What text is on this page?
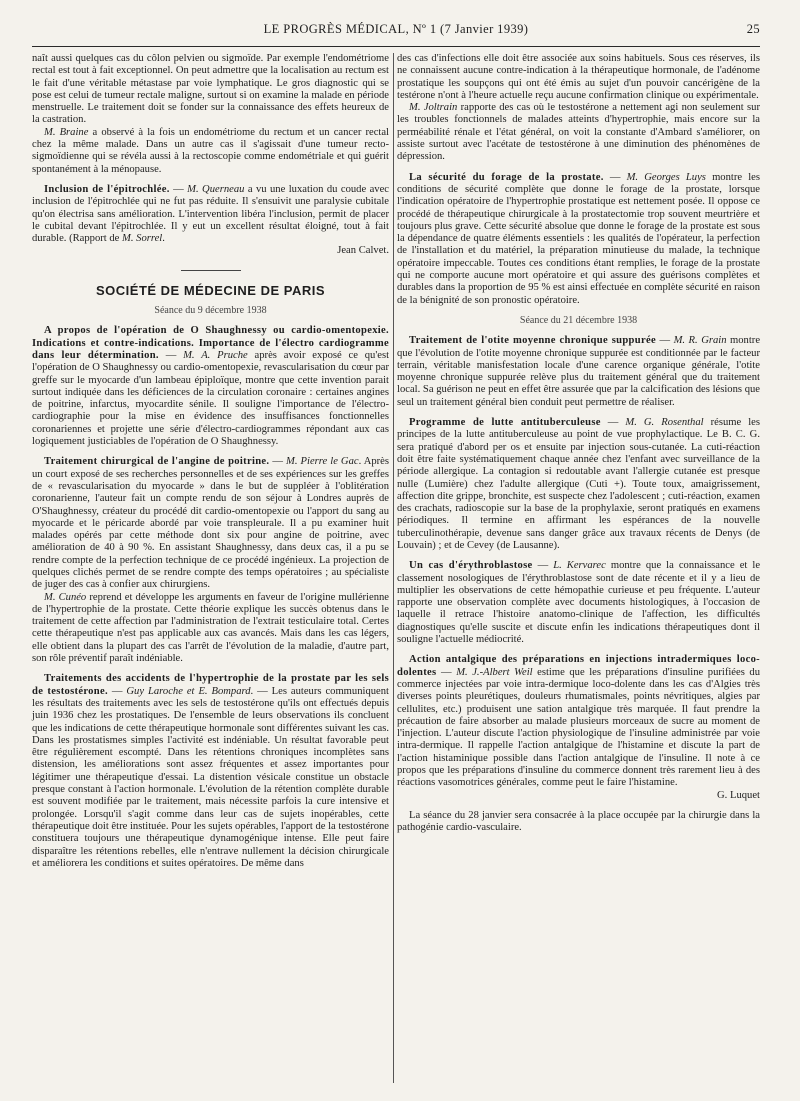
LE PROGRÈS MÉDICAL, Nº 1 (7 Janvier 1939)	25

naît aussi quelques cas du côlon pelvien ou sigmoïde. Par exemple l'endométriome rectal est tout à fait exceptionnel. On peut admettre que la localisation au rectum est le fait d'une véritable métastase par voie lymphatique. Le gros diagnostic qui se pose est celui de tumeur rectale maligne, surtout si on examine la malade en période menstruelle. Le traitement doit se fonder sur la connaissance des effets heureux de la castration.

M. Braine a observé à la fois un endométriome du rectum et un cancer rectal chez la même malade. Dans un autre cas il s'agissait d'une tumeur recto-sigmoïdienne qui se révéla aussi à la rectoscopie comme endométriale et qui guérit spontanément à la ménopause.

Inclusion de l'épitrochlée. — M. Querneau a vu une luxation du coude avec inclusion de l'épitrochlée qui ne fut pas réduite. Il s'ensuivit une paralysie cubitale qu'on électrisa sans amélioration. L'intervention libéra l'inclusion, permit de placer le cubital devant l'épitrochlée. Il y eut un excellent résultat éloigné, tout à fait durable. (Rapport de M. Sorrel.

Jean Calvet.

SOCIÉTÉ DE MÉDECINE DE PARIS
Séance du 9 décembre 1938

A propos de l'opération de O Shaughnessy ou cardio-omentopexie. Indications et contre-indications. Importance de l'électro cardiogramme dans leur détermination. — M. A. Pruche après avoir exposé ce qu'est l'opération de O Shaughnessy ou cardio-omentopexie, revascularisation du cœur par greffe sur le myocarde d'un lambeau épiploïque, montre que cette invention parait surtout indiquée dans les déficiences de la circulation coronaire : certaines angines de poitrine, infarctus, myocardite sénile. Il souligne l'importance de l'électro-cardiographie pour la mise en évidence des insuffisances fonctionnelles coronariennes et projette une série d'électro-cardiogrammes répondant aux cas logiquement justiciables de l'opération de O Shaughnessy.

Traitement chirurgical de l'angine de poitrine. — M. Pierre le Gac. Après un court exposé de ses recherches personnelles et de ses expériences sur les greffes de « revascularisation du myocarde » dans le but de suppléer à l'oblitération coronarienne, l'auteur fait un compte rendu de son séjour à Londres auprès de O'Shaughnessy, créateur du procédé dit cardio-omentopexie ou l'apport du sang au myocarde et le péricarde abordé par voie transpleurale. Il a pu examiner huit malades opérés par cette méthode dont six pour angine de poitrine, avec amélioration de 40 à 90 %. En assistant Shaughnessy, dans deux cas, il a pu se rendre compte de la perfection technique de ce procédé ingénieux. La projection de quelques clichés permet de se rendre compte des temps opératoires ; au spécialiste de juger des cas à confier aux chirurgiens.

M. Cunéo reprend et développe les arguments en faveur de l'origine mullérienne de l'hypertrophie de la prostate. Cette théorie explique les succès obtenus dans le traitement de cette affection par l'administration de l'extrait testiculaire total. Certes cette thérapeutique n'est pas applicable aux cas avancés. Mais dans les cas légers, elle obtient dans la plupart des cas l'arrêt de l'évolution de la maladie, d'autre part, son rôle préventif paraît indéniable.

Traitements des accidents de l'hypertrophie de la prostate par les sels de testostérone. — Guy Laroche et E. Bompard. — Les auteurs communiquent les résultats des traitements avec les sels de testostérone qu'ils ont effectués depuis juin 1936 chez les prostatiques. De l'ensemble de leurs observations ils concluent que les indications de cette thérapeutique hormonale sont différentes suivant les cas. Dans les prostatismes simples l'activité est indéniable. Un résultat favorable peut être régulièrement escompté. Dans les rétentions chroniques incomplètes sans distension, les améliorations sont assez fréquentes et assez importantes pour légitimer une thérapeutique d'essai. La distention vésicale constitue un obstacle presque constant à l'action hormonale. L'évolution de la rétention complète durable est souvent modifiée par le traitement, mais nécessite parfois la cure intensive et prolongée. Lorsqu'il s'agit comme dans leur cas de sujets inopérables, cette thérapeutique doit être instituée. Pour les sujets opérables, l'apport de la testostérone constituera toujours une thérapeutique dynamogénique intense. Elle peut faire disparaître les rétentions rebelles, elle n'entrave nullement la décision chirurgicale et améliorera les conditions et suites opératoires. De même dans

des cas d'infections elle doit être associée aux soins habituels. Sous ces réserves, ils ne connaissent aucune contre-indication à la thérapeutique hormonale, de l'adénome prostatique les soupçons qui ont été émis au sujet d'un pouvoir cancérigène de la testérone n'ont à l'heure actuelle reçu aucune confirmation clinique ou expérimentale.

M. Joltrain rapporte des cas où le testostérone a nettement agi non seulement sur les troubles fonctionnels de malades atteints d'hypertrophie, mais encore sur la perméabilité rénale et l'état général, on voit la constante d'Ambard s'améliorer, on assiste surtout avec l'acétate de testostérone à une diminution des phénomènes de dépression.

La sécurité du forage de la prostate. — M. Georges Luys montre les conditions de sécurité complète que donne le forage de la prostate, lorsque l'indication opératoire de l'hypertrophie prostatique est nettement posée. Il oppose ce procédé de thérapeutique chirurgicale à la prostatectomie trop souvent meurtrière et toujours plus grave. Cette sécurité absolue que donne le forage de la prostate est sous la dépendance de quatre éléments essentiels : les qualités de l'opérateur, la perfection de l'installation et du matériel, la préparation minutieuse du malade, la technique opératoire impeccable. Toutes ces conditions étant remplies, le forage de la prostate qui ne comporte aucune mort opératoire et qui assure des guérisons complètes et durables dans la proportion de 95 % est ainsi effectuée en complète sécurité en raison de la bénignité de son pronostic opératoire.

Séance du 21 décembre 1938

Traitement de l'otite moyenne chronique suppurée — M. R. Grain montre que l'évolution de l'otite moyenne chronique suppurée est conditionnée par le facteur terrain, véritable manisfestation locale d'une carence organique générale, l'otite moyenne chronique suppurée relève plus du traitement général que du traitement local. Sa guérison ne peut en effet être assurée que par la calcification des lésions que seul un traitement général bien conduit peut permettre de réaliser.

Programme de lutte antituberculeuse — M. G. Rosenthal résume les principes de la lutte antituberculeuse au point de vue prophylactique. Le B. C. G. sera pratiqué d'abord per os et ensuite par injection sous-cutanée. La cuti-réaction doit être faite systématiquement chaque année chez l'enfant avec surveillance de la période allergique. La contagion si redoutable avant l'allergie cutanée est presque nulle (Lumière) chez l'adulte allergique (Cuti +). Toute toux, amaigrissement, affection dite grippe, bronchite, est suspecte chez l'adolescent ; cuti-réaction, examen des crachats, radioscopie sur la base de la prophylaxie, seront pratiqués en examens périodiques. Il termine en affirmant les espérances de la nouvelle tuberculinothérapie, devenue sans danger grâce aux travaux récents de Denys (de Louvain) ; et de Cevey (de Lausanne).

Un cas d'érythroblastose — L. Kervarec montre que la connaissance et le classement nosologiques de l'érythroblastose sont de date récente et il y a lieu de multiplier les observations de cette hémopathie curieuse et peu fréquente. L'auteur rapporte une observation complète avec documents histologiques, à l'occasion de laquelle il retrace l'histoire anatomo-clinique de l'affection, les difficultés diagnostiques qu'elle suscite et discute enfin les indications thérapeutiques dont il souligne l'actuelle médiocrité.

Action antalgique des préparations en injections intradermiques loco-dolentes — M. J.-Albert Weil estime que les préparations d'insuline purifiées du commerce injectées par voie intra-dermique loco-dolente dans les cas d'Algies très diverses points pleurétiques, douleurs rhumatismales, points névritiques, algies par cellulites, etc.) produisent une sation antalgique très marquée. Il faut prendre la précaution de faire absorber au malade plusieurs morceaux de sucre au moment de l'injection. L'auteur discute l'action physiologique de l'insuline administrée par voie intra-dermique. Il rappelle l'action antalgique de l'histamine et discute la part de l'action histaminique possible dans l'action antalgique de l'insuline. Il note à ce propos que les préparations d'insuline du commerce donnent très rarement lieu à des réactions vasomotrices générales, comme peut le faire l'histamine.

G. Luquet

La séance du 28 janvier sera consacrée à la place occupée par la chirurgie dans la pathogénie cardio-vasculaire.
